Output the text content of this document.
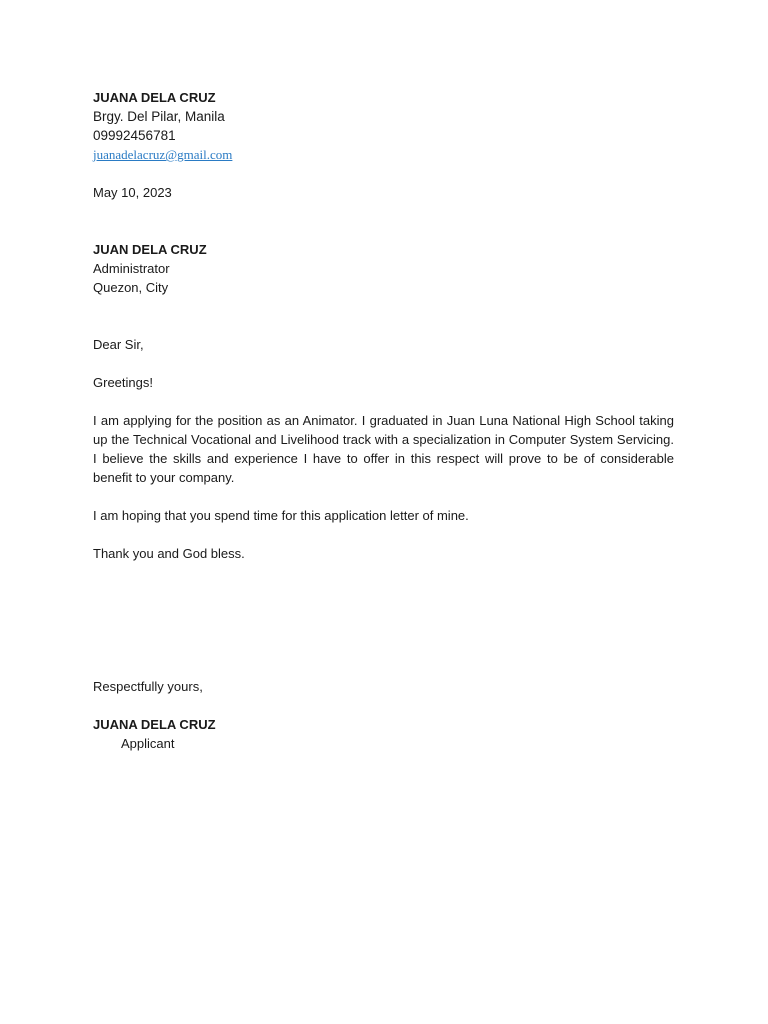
JUANA DELA CRUZ
Brgy. Del Pilar, Manila
09992456781
juanadelacruz@gmail.com
May 10, 2023
JUAN DELA CRUZ
Administrator
Quezon, City
Dear Sir,
Greetings!
I am applying for the position as an Animator. I graduated in Juan Luna National High School taking up the Technical Vocational and Livelihood track with a specialization in Computer System Servicing. I believe the skills and experience I have to offer in this respect will prove to be of considerable benefit to your company.
I am hoping that you spend time for this application letter of mine.
Thank you and God bless.
Respectfully yours,
JUANA DELA CRUZ
Applicant
